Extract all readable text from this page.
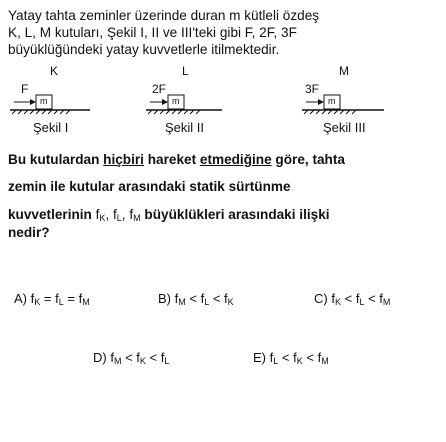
Yatay tahta zeminler üzerinde duran m kütleli özdeş
K, L, M kutuları, Şekil I, II ve III'teki gibi F, 2F, 3F
büyüklüğündeki yatay kuvvetlerle itilmektedir.
K
F
m
Şekil I
L
2F
m
Şekil II
M
3F
m
Şekil III
Bu kutulardan hiçbiri hareket etmediğine göre, tahta
zemin ile kutular arasındaki statik sürtünme
kuvvetlerinin $f_K$, $f_L$, $f_M$ büyüklükleri arasındaki ilişki
nedir?
A) $f_K = f_L = f_M$	B) $f_M < f_L < f_K$	C) $f_K < f_L < f_M$
D) $f_M < f_K < f_L$	E) $f_L < f_K < f_M$
